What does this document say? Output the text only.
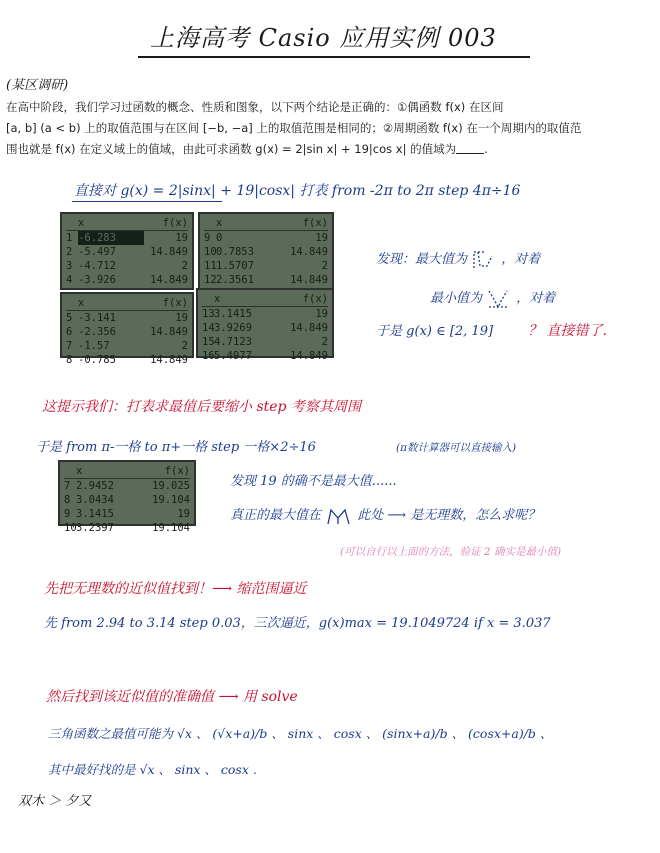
上海高考 Casio 应用实例 003
(某区调研)
在高中阶段，我们学习过函数的概念、性质和图象，以下两个结论是正确的：①偶函数 f(x) 在区间
[a, b] (a < b) 上的取值范围与在区间 [−b, −a] 上的取值范围是相同的；②周期函数 f(x) 在一个周期内的取值范
围也就是 f(x) 在定义域上的值域，由此可求函数 g(x) = 2|sin x| + 19|cos x| 的值域为 .
直接对 g(x) = 2|sinx| + 19|cosx| 打表 from -2π to 2π step 4π÷16
x	f(x)
1 -6.283	19
2 -5.497	14.849
3 -4.712	2
4 -3.926	14.849
x	f(x)
9 0	19
10 0.7853	14.849
11 1.5707	2
12 2.3561	14.849
x	f(x)
5 -3.141	19
6 -2.356	14.849
7 -1.57	2
8 -0.785	14.849
x	f(x)
13 3.1415	19
14 3.9269	14.849
15 4.7123	2
16 5.4977	14.849
发现：最大值为	，对着
最小值为	，对着
于是 g(x) ∈ [2, 19] ？ 直接错了.
这提示我们：打表求最值后要缩小 step 考察其周围
于是 from π-一格 to π+一格 step 一格×2÷16	(π数计算器可以直接输入)
x	f(x)
7 2.9452	19.025
8 3.0434	19.104
9 3.1415	19
10 3.2397	19.104
发现 19 的确不是最大值......
真正的最大值在	此处 ⟶ 是无理数，怎么求呢？
(可以自行以上面的方法，验证 2 确实是最小值)
先把无理数的近似值找到！⟶ 缩范围逼近
先 from 2.94 to 3.14 step 0.03，三次逼近，g(x)max = 19.1049724 if x = 3.037
然后找到该近似值的准确值 ⟶ 用 solve
三角函数之最值可能为 √x 、 (√x+a)/b 、 sinx 、 cosx 、 (sinx+a)/b 、 (cosx+a)/b 、
其中最好找的是 √x 、 sinx 、 cosx .
双木 ＞ 夕又
